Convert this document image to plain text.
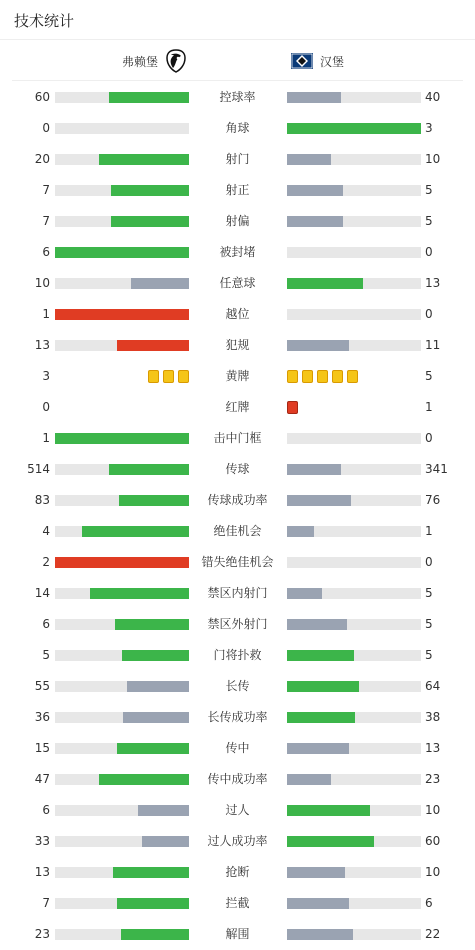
技术统计
弗赖堡	汉堡
60	控球率	40
0	角球	3
20	射门	10
7	射正	5
7	射偏	5
6	被封堵	0
10	任意球	13
1	越位	0
13	犯规	11
3	黄牌	5
0	红牌	1
1	击中门框	0
514	传球	341
83	传球成功率	76
4	绝佳机会	1
2	错失绝佳机会	0
14	禁区内射门	5
6	禁区外射门	5
5	门将扑救	5
55	长传	64
36	长传成功率	38
15	传中	13
47	传中成功率	23
6	过人	10
33	过人成功率	60
13	抢断	10
7	拦截	6
23	解围	22
